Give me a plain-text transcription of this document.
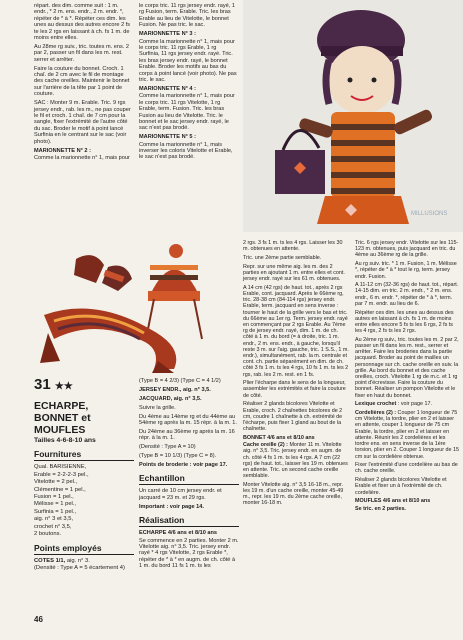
répart. des dim. comme suit : 1 m. endr., * 2 m. ens. endr., 2 m. endr. *, répéter de * à *. Répéter ces dim. les unes au dessus des autres encore 2 fs te les 2 rgs en laissant à ch. fs 1 m. de moins entre elles.

Au 28me rg suiv., tric. toutes m. ens. 2 par 2, passer un fil dans les m. rest. serrer et arrêter.

Faire la couture du bonnet. Croch. 1 chaî. de 2 cm avec le fil de montage des cache oreilles. Maintenir le bonnet sur l'arrière de la tête par 1 point de couture.

SAC : Monter 9 m. Erable. Tric. 9 rgs jersey endr., rab. les m., ne pas couper le fil et croch. 1 chaî. de 7 cm pour la sangle, fixer l'extrémité de l'autre côté du sac. Broder le motif à point lancé Surfinia en le centrant sur le sac (voir photo).

MARIONNETTE N° 2 :

Comme la marionnette n° 1, mais pour

le corps tric. 11 rgs jersey endr. rayé, 1 rg Fusion, term. Erable. Tric. les bras Erable au lieu de Vitelotte, le bonnet Fusion. Ne pas tric. le sac.

MARIONNETTE N° 3 :

Comme la marionnette n° 1, mais pour le corps tric. 11 rgs Erable, 1 rg Surfinia, 11 rgs jersey endr. rayé. Tric. les bras jersey endr. rayé, le bonnet Erable. Broder les motifs au bas du corps à point lancé (voir photo). Ne pas tric. le sac.

MARIONNETTE N° 4 :

Comme la marionnette n° 1, mais pour le corps tric. 11 rgs Vitelotte, 1 rg Erable, term. Fusion. Tric. les bras Fusion au lieu de Vitelotte. Tric. le bonnet et le sac jersey endr. rayé, le sac n'est pas brodé.

MARIONNETTE N° 5 :

Comme la marionnette n° 1, mais inverser les coloris Vitelotte et Erable, le sac n'est pas brodé.

MILLUSIONS
31 ★★
ECHARPE, BONNET et
MOUFLES
Tailles 4-6-8-10 ans
Fournitures
Qual. BARISIENNE,
Erable = 2-2-2-3 pel.,
Vitelotte = 2 pel.,
Clémentine = 1 pel.,
Fusion = 1 pel.,
Mélisse = 1 pel.,
Surfinia = 1 pel.,
aig. n° 3 et 3,5,
crochet n° 3,5,
2 boutons.
Points employés
COTES 1/1, aig. n° 3.
(Densité : Type A = 5 écartement 4)

(Type B = 4 2/3) (Type C = 4 1/2)

JERSEY ENDR., aig. n° 3,5.

JACQUARD, aig. n° 3,5.

Suivre la grille.

Du 4ème au 14ème rg et du 44ème au 54ème rg après la m. 15 répr. à la m. 1.

Du 24ème au 36ème rg après la m. 16 répr. à la m. 1.

(Densité : Type A = 10)

(Type B = 10 1/3) (Type C = 8).

Points de broderie : voir page 17.

Echantillon

Un carré de 10 cm jersey endr. et jacquard = 23 m. et 29 rgs.

Important : voir page 14.

Réalisation
ECHARPE 4/6 ans et 8/10 ans

Se commence en 2 parties. Monter 2 m. Vitelotte aig. n° 3,5. Tric. jersey endr. rayé * 4 rgs Vitelotte, 2 rgs Erable *, répéter de * à * en augm. de ch. côté à 1 m. du bord 11 fs 1 m. ts les

2 rgs. 3 fs 1 m. ts les 4 rgs. Laisser les 30 m. obtenues en attente.

Tric. une 2ème partie semblable.

Repr. sur une même aig. les m. des 2 parties en ajoutant 1 m. entre elles et cont. jersey endr. rayé sur les 61 m. obtenues.

A 14 cm (42 rgs) de haut. tot., après 2 rgs Erable, cont. jacquard. Après le 66ème rg, tric. 28-38 cm (84-114 rgs) jersey endr. Erable, term. jacquard en sens inverse : tourner le haut de la grille vers le bas et tric. du 66ème au 1er rg. Term. jersey endr. rayé en commençant par 2 rgs Erable. Au 7ème rg de jersey endr. rayé, dim. 1 m. de ch. côté à 1 m. du bord (= à droite, tric. 1 m. endr., 2 m. ens. endr., à gauche, lorsqu'il reste 3 m. sur l'aig. gauche, tric. 1 S.S., 1 m. endr.), simultanément, rab. la m. centrale et cont. ch. partie séparément en dim. de ch. côté 3 fs 1 m. ts les 4 rgs, 10 fs 1 m. ts les 2 rgs, rab. les 2 m. rest. en 1 fs.

Plier l'écharpe dans le sens de la longueur, assembler les extrémités et faire la couture de côté.

Réaliser 2 glands bicolores Vitelotte et Erable, croch. 2 chaînettes bicolores de 2 cm, coudre 1 chaînette à ch. extrémité de l'écharpe, puis fixer 1 gland au bout de la chaînette.

BONNET 4/6 ans et 8/10 ans

Cache oreille (2) : Monter 11 m. Vitelotte aig. n° 3,5. Tric. jersey endr. en augm. de ch. côté 4 fs 1 m. ts les 4 rgs. A 7 cm (22 rgs) de haut. tot., laisser les 19 m. obtenues en attente. Tric. un second cache oreille semblable.

Monter Vitelotte aig. n° 3,5 16-18 m., repr. les 19 m. d'un cache oreille, monter 45-49 m., repr. les 19 m. du 2ème cache oreille, monter 16-18 m.

Tric. 6 rgs jersey endr. Vitelotte sur les 115-123 m. obtenues, puis jacquard en tric. du 4ème au 36ème rg de la grille.

Au rg suiv. tric. * 1 m. Fusion, 1 m. Mélisse *, répéter de * à * tout le rg, term. jersey endr. Fusion.

A 11-12 cm (32-36 rgs) de haut. tot., répart. 14-15 dim. en tric. 2 m. endr., * 2 m. ens. endr., 6 m. endr. *, répéter de * à *, term. par 7 m. endr. au lieu de 6.

Répéter ces dim. les unes au dessus des autres en laissant à ch. fs 1 m. de moins entre elles encore 5 fs ts les 6 rgs, 2 fs ts les 4 rgs, 2 fs ts les 2 rgs.

Au 2ème rg suiv., tric. toutes les m. 2 par 2, passer un fil dans les m. rest., serrer et arrêter. Faire les broderies dans la partie jacquard. Broder au point de mailles un personnage sur ch. cache oreille en suiv. la grille. Au bord du bonnet et des cache oreilles, croch. Vitelotte 1 rg de m.c. et 1 rg point d'écrevisse. Faire la couture du bonnet. Réaliser un pompon Vitelotte et le fixer en haut du bonnet.

Lexique crochet : voir page 17.

Cordelières (2) : Couper 1 longueur de 75 cm Vitelotte, la tordre, plier en 2 et laisser en attente, couper 1 longueur de 75 cm Erable, la tordre, plier en 2 et laisser en attente. Réunir les 2 cordelières et les tordre ens. en sens inverse de la 1ère torsion, plier en 2. Couper 1 longueur de 15 cm sur la cordelière obtenue.

Fixer l'extrémité d'une cordelière au bas de ch. cache oreille.

Réaliser 2 glands bicolores Vitelotte et Erable et fixer un à l'extrémité de ch. cordelière.

MOUFLES 4/6 ans et 8/10 ans
Se tric. en 2 parties.
46
